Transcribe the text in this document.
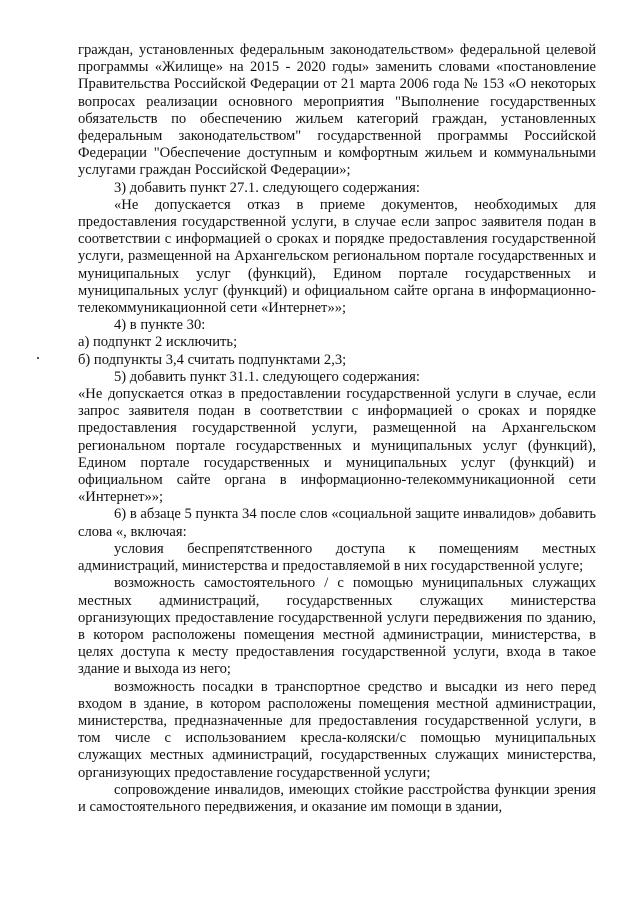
граждан, установленных федеральным законодательством» федеральной целевой программы «Жилище» на 2015 - 2020 годы» заменить словами «постановление Правительства Российской Федерации от 21 марта 2006 года № 153 «О некоторых вопросах реализации основного мероприятия "Выполнение государственных обязательств по обеспечению жильем категорий граждан, установленных федеральным законодательством" государственной программы Российской Федерации "Обеспечение доступным и комфортным жильем и коммунальными услугами граждан Российской Федерации»;

3) добавить пункт 27.1. следующего содержания:

«Не допускается отказ в приеме документов, необходимых для предоставления государственной услуги, в случае если запрос заявителя подан в соответствии с информацией о сроках и порядке предоставления государственной услуги, размещенной на Архангельском региональном портале государственных и муниципальных услуг (функций), Едином портале государственных и муниципальных услуг (функций) и официальном сайте органа в информационно-телекоммуникационной сети «Интернет»»;

4) в пункте 30:

а) подпункт 2 исключить;

б) подпункты 3,4 считать подпунктами 2,3;

5) добавить пункт 31.1. следующего содержания:

«Не допускается отказ в предоставлении государственной услуги в случае, если запрос заявителя подан в соответствии с информацией о сроках и порядке предоставления государственной услуги, размещенной на Архангельском региональном портале государственных и муниципальных услуг (функций), Едином портале государственных и муниципальных услуг (функций) и официальном сайте органа в информационно-телекоммуникационной сети «Интернет»»;

6) в абзаце 5 пункта 34 после слов «социальной защите инвалидов» добавить слова «, включая:

условия беспрепятственного доступа к помещениям местных администраций, министерства и предоставляемой в них государственной услуге;

возможность самостоятельного / с помощью муниципальных служащих местных администраций, государственных служащих министерства организующих предоставление государственной услуги передвижения по зданию, в котором расположены помещения местной администрации, министерства, в целях доступа к месту предоставления государственной услуги, входа в такое здание и выхода из него;

возможность посадки в транспортное средство и высадки из него перед входом в здание, в котором расположены помещения местной администрации, министерства, предназначенные для предоставления государственной услуги, в том числе с использованием кресла-коляски/с помощью муниципальных служащих местных администраций, государственных служащих министерства, организующих предоставление государственной услуги;

сопровождение инвалидов, имеющих стойкие расстройства функции зрения и самостоятельного передвижения, и оказание им помощи в здании,
